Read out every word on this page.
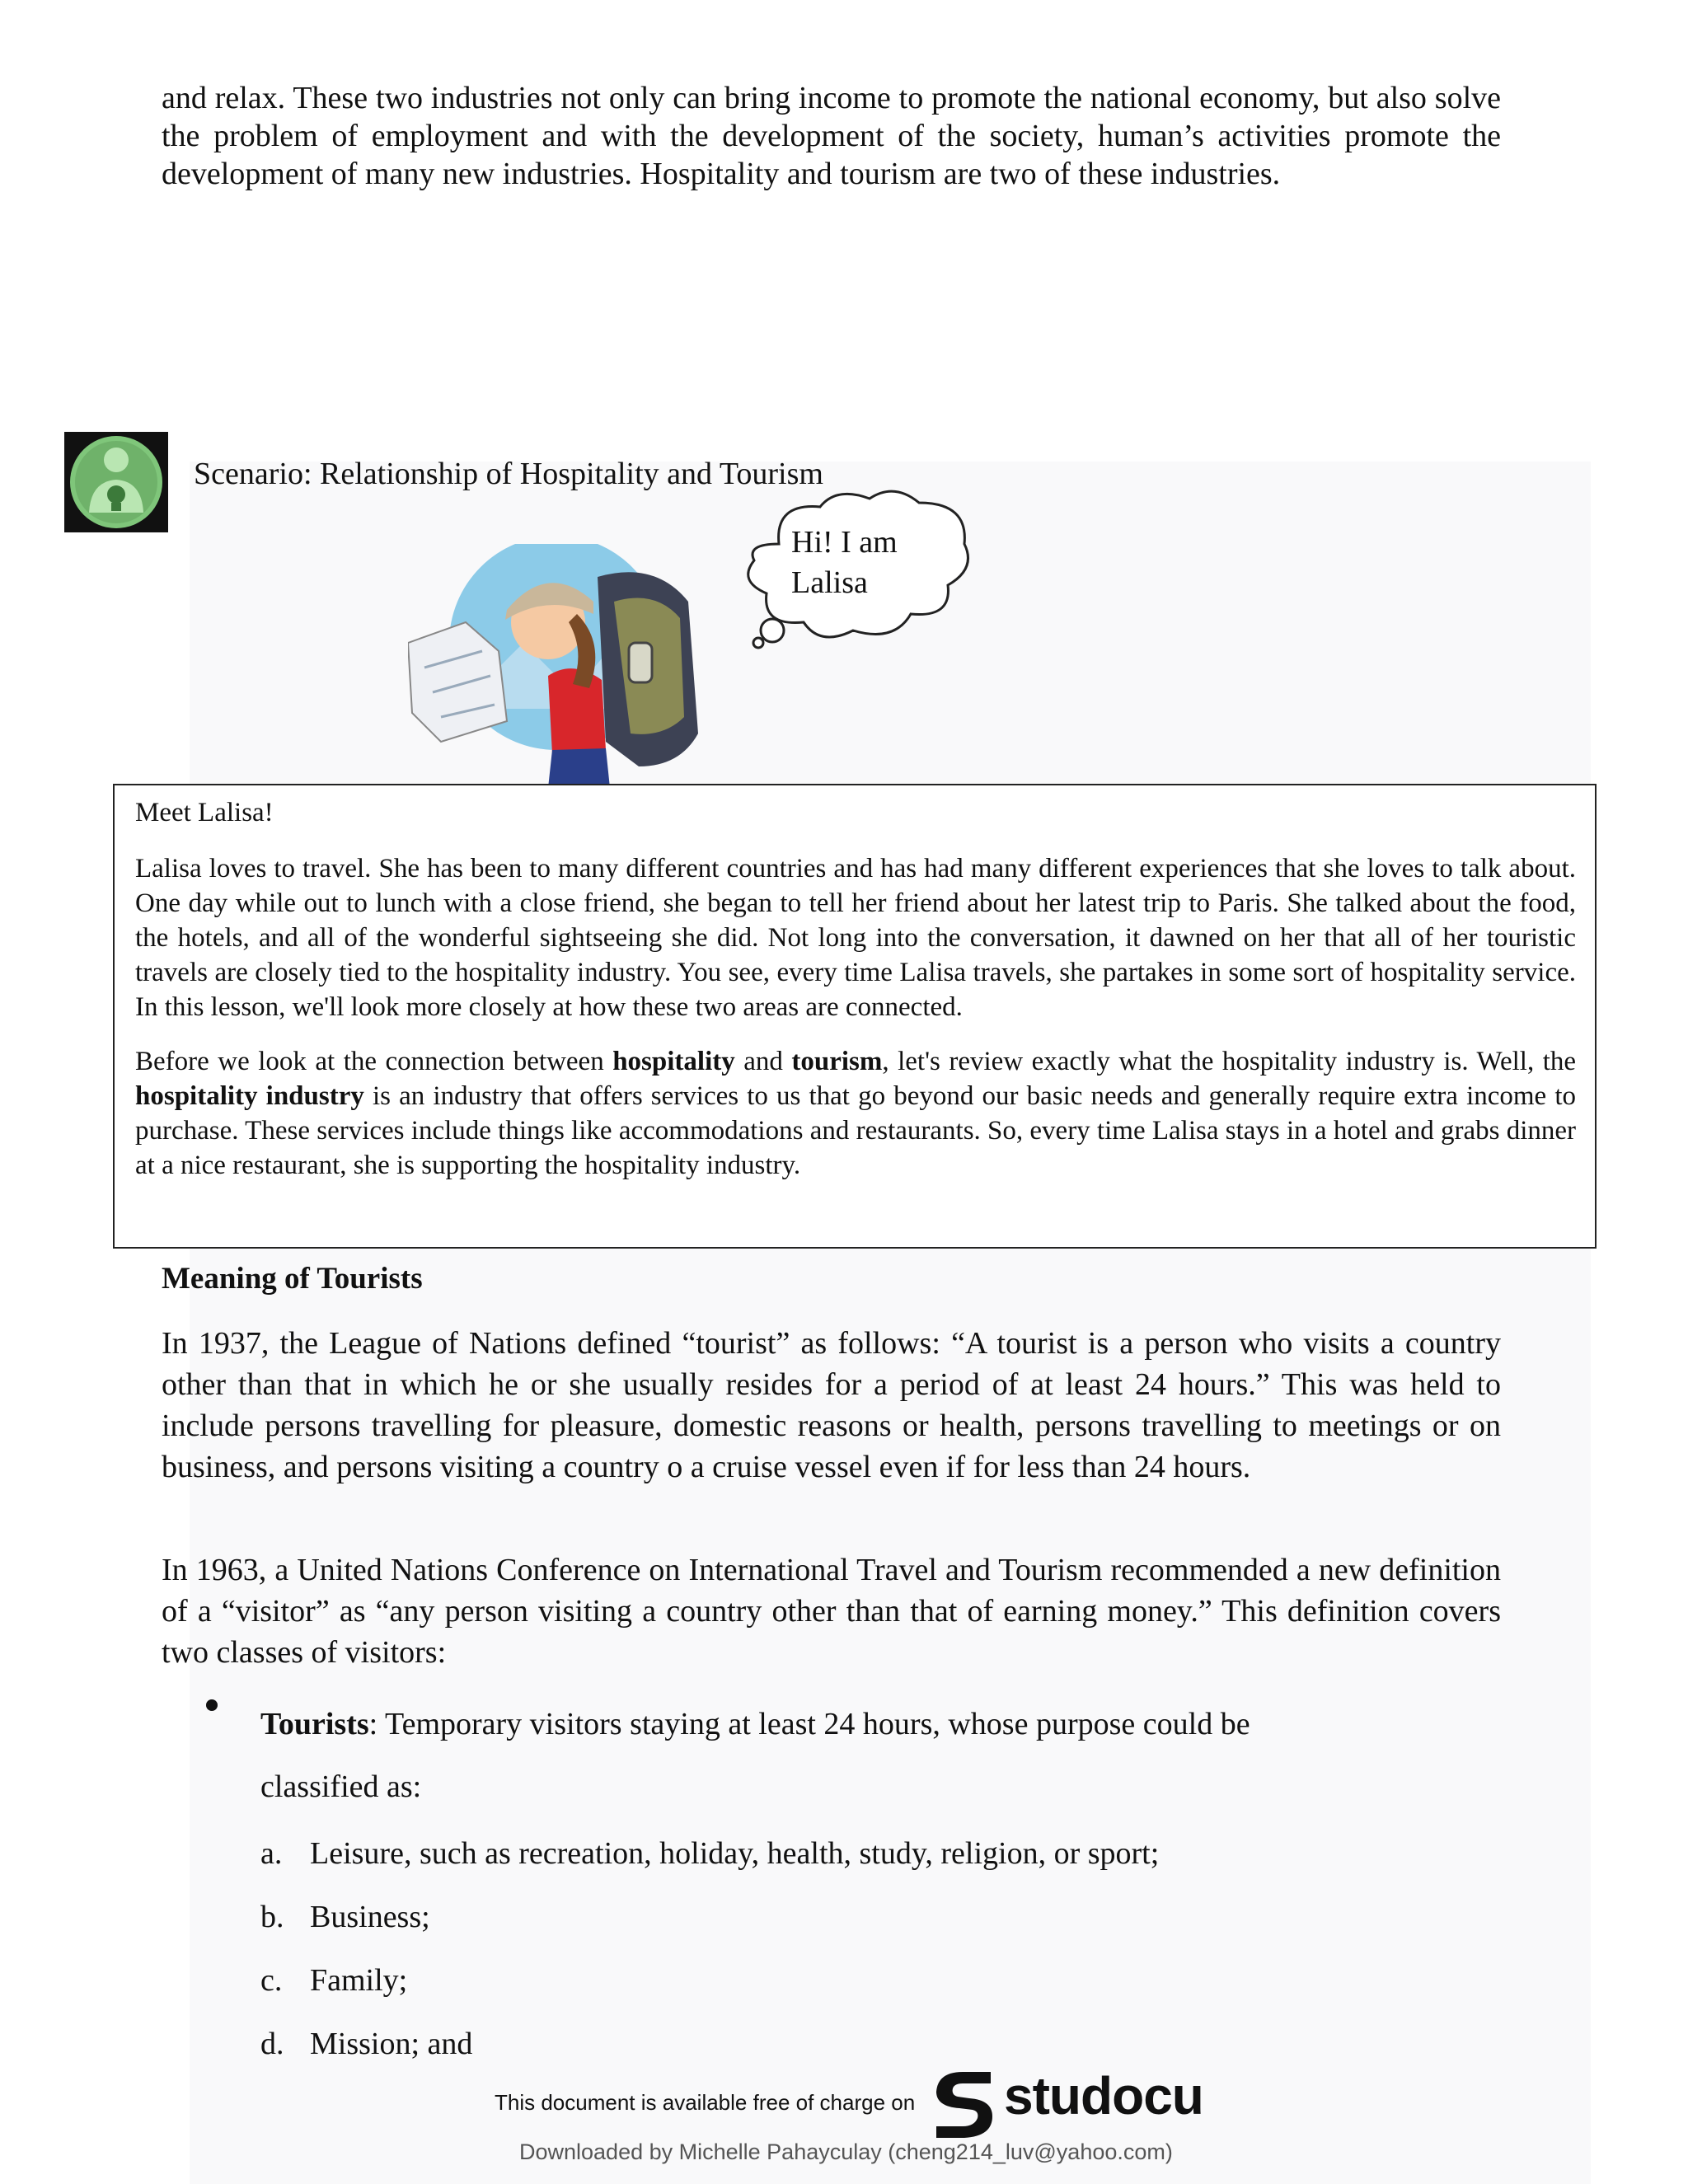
and relax. These two industries not only can bring income to promote the national economy, but also solve the problem of employment and with the development of the society, human’s activities promote the development of many new industries. Hospitality and tourism are two of these industries.

Scenario: Relationship of Hospitality and Tourism
Hi! I am Lalisa

Meet Lalisa!

Lalisa loves to travel. She has been to many different countries and has had many different experiences that she loves to talk about. One day while out to lunch with a close friend, she began to tell her friend about her latest trip to Paris. She talked about the food, the hotels, and all of the wonderful sightseeing she did. Not long into the conversation, it dawned on her that all of her touristic travels are closely tied to the hospitality industry. You see, every time Lalisa travels, she partakes in some sort of hospitality service. In this lesson, we'll look more closely at how these two areas are connected.

Before we look at the connection between hospitality and tourism, let's review exactly what the hospitality industry is. Well, the hospitality industry is an industry that offers services to us that go beyond our basic needs and generally require extra income to purchase. These services include things like accommodations and restaurants. So, every time Lalisa stays in a hotel and grabs dinner at a nice restaurant, she is supporting the hospitality industry.

Meaning of Tourists

In 1937, the League of Nations defined “tourist” as follows: “A tourist is a person who visits a country other than that in which he or she usually resides for a period of at least 24 hours.” This was held to include persons travelling for pleasure, domestic reasons or health, persons travelling to meetings or on business, and persons visiting a country o a cruise vessel even if for less than 24 hours.

In 1963, a United Nations Conference on International Travel and Tourism recommended a new definition of a “visitor” as “any person visiting a country other than that of earning money.” This definition covers two classes of visitors:

Tourists: Temporary visitors staying at least 24 hours, whose purpose could be classified as:
a. Leisure, such as recreation, holiday, health, study, religion, or sport;
b. Business;
c. Family;
d. Mission; and
This document is available free of charge on studocu
Downloaded by Michelle Pahayculay (cheng214_luv@yahoo.com)
